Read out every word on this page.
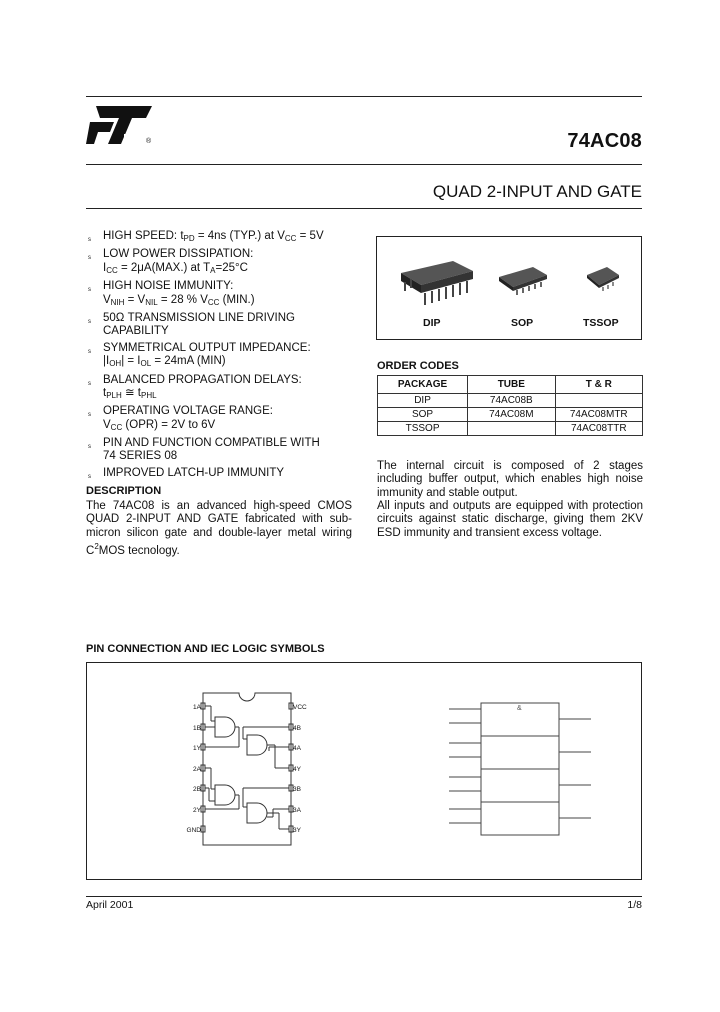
®	74AC08
QUAD 2-INPUT AND GATE
s HIGH SPEED: $t_{PD} = 4ns$ (TYP.) at $V_{CC} = 5V$
s LOW POWER DISSIPATION:
$I_{CC} = 2\mu A(MAX.)$ at $T_A=25^\circ C$
s HIGH NOISE IMMUNITY:
$V_{NIH} = V_{NIL} = 28$ % $V_{CC}$ (MIN.)
s 50Ω TRANSMISSION LINE DRIVING
CAPABILITY
s SYMMETRICAL OUTPUT IMPEDANCE:
$|I_{OH}| = I_{OL} = 24mA$ (MIN)
s BALANCED PROPAGATION DELAYS:
$t_{PLH}$ ≅ $t_{PHL}$
s OPERATING VOLTAGE RANGE:
$V_{CC}$ (OPR) = 2V to 6V
s PIN AND FUNCTION COMPATIBLE WITH
74 SERIES 08
s IMPROVED LATCH-UP IMMUNITY
DIP	SOP	TSSOP
ORDER CODES
PACKAGE	TUBE	T & R
DIP	74AC08B	
SOP	74AC08M	74AC08MTR
TSSOP		74AC08TTR
DESCRIPTION
The 74AC08 is an advanced high-speed CMOS QUAD 2-INPUT AND GATE fabricated with sub-micron silicon gate and double-layer metal wiring $C^2MOS$ tecnology.
The internal circuit is composed of 2 stages including buffer output, which enables high noise immunity and stable output.
All inputs and outputs are equipped with protection circuits against static discharge, giving them 2KV ESD immunity and transient excess voltage.
PIN CONNECTION AND IEC LOGIC SYMBOLS
1A
1B
1Y
2A
2B
2Y
GND
VCC
4B
4A
4Y
3B
3A
3Y
&
April 2001	1/8
